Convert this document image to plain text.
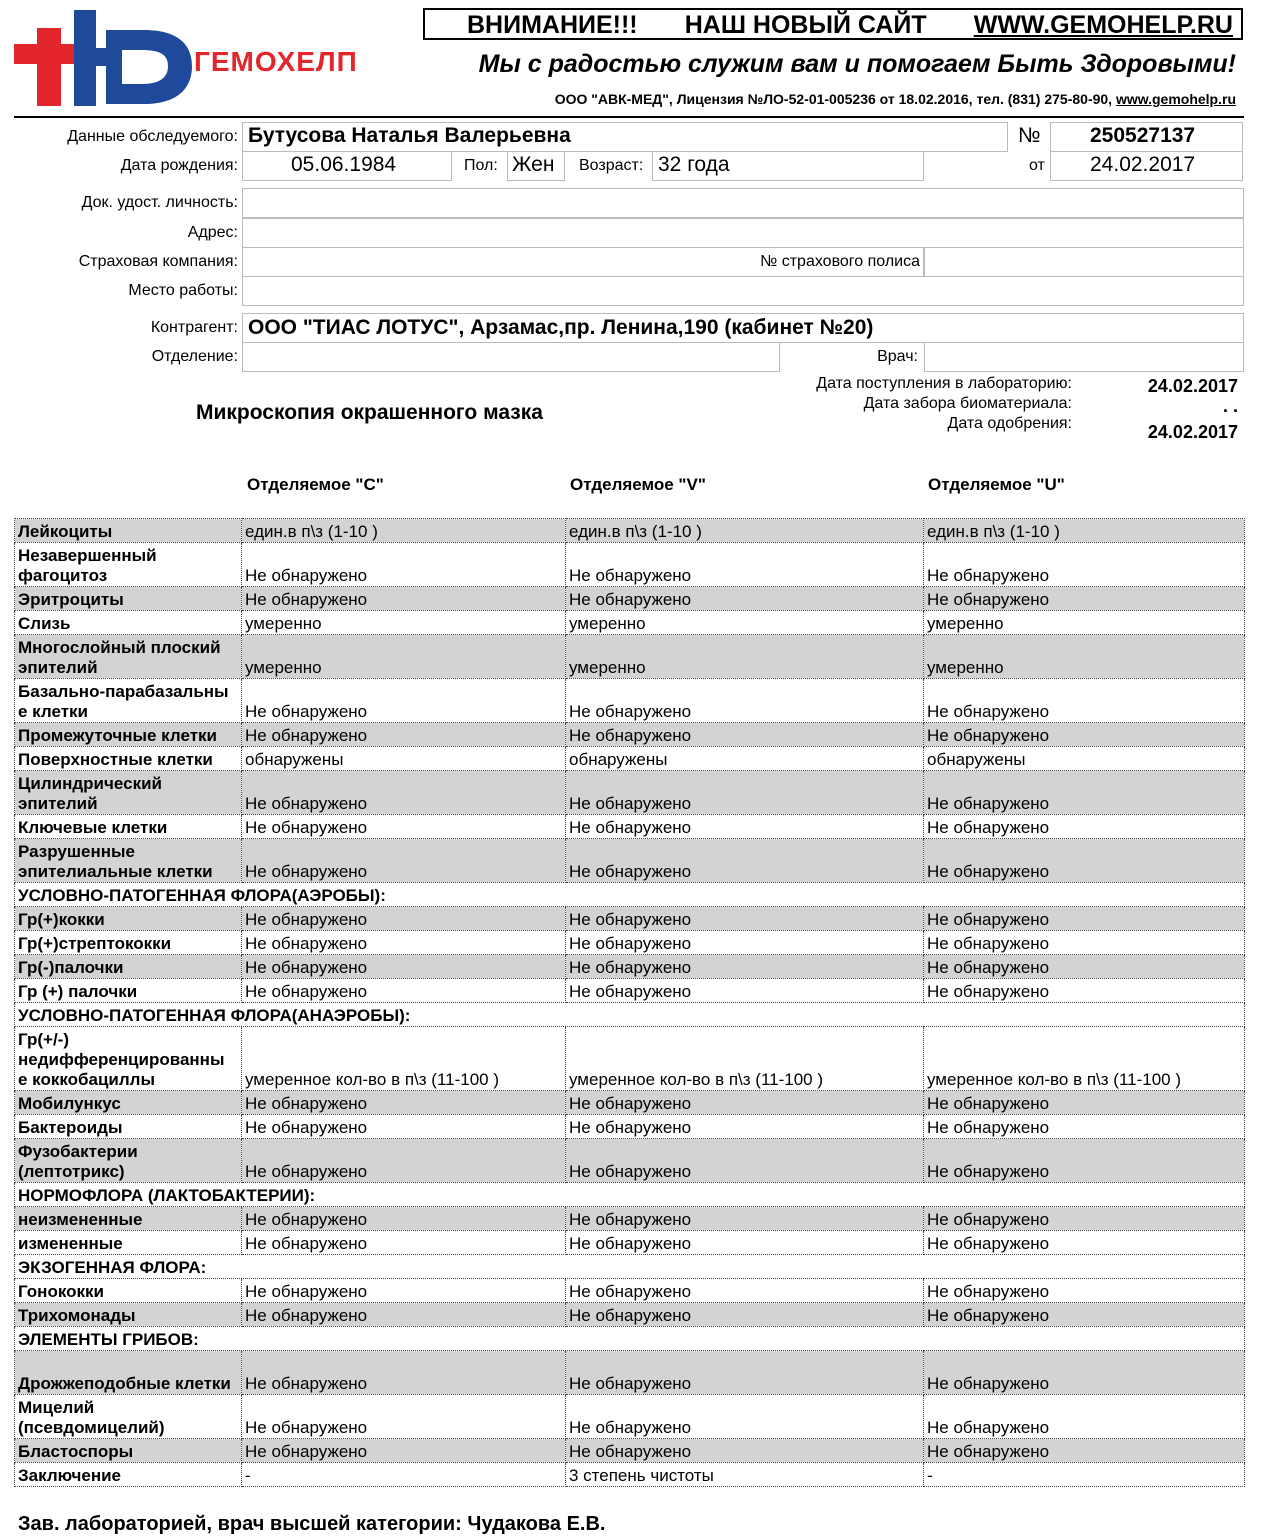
ГЕМОХЕЛП
ВНИМАНИЕ!!! НАШ НОВЫЙ САЙТ WWW.GEMOHELP.RU
Мы с радостью служим вам и помогаем Быть Здоровыми!
ООО "АВК-МЕД", Лицензия №ЛО-52-01-005236 от 18.02.2016, тел. (831) 275-80-90, www.gemohelp.ru
Данные обследуемого: Бутусова Наталья Валерьевна	№ 250527137
Дата рождения:	05.06.1984	Пол: Жен Возраст: 32 года	от 24.02.2017
Док. удост. личность:
Адрес:
Страховая компания:	№ страхового полиса
Место работы:
Контрагент: ООО "ТИАС ЛОТУС", Арзамас,пр. Ленина,190 (кабинет №20)
Отделение:	Врач:
Дата поступления в лабораторию:	24.02.2017
Дата забора биоматериала:	. .
Дата одобрения:	24.02.2017
Микроскопия окрашенного мазка
Отделяемое "C"	Отделяемое "V"	Отделяемое "U"
Лейкоциты	един.в п\з (1-10 )	един.в п\з (1-10 )	един.в п\з (1-10 )
Незавершенный фагоцитоз	Не обнаружено	Не обнаружено	Не обнаружено
Эритроциты	Не обнаружено	Не обнаружено	Не обнаружено
Слизь	умеренно	умеренно	умеренно
Многослойный плоский эпителий	умеренно	умеренно	умеренно
Базально-парабазальны е клетки	Не обнаружено	Не обнаружено	Не обнаружено
Промежуточные клетки	Не обнаружено	Не обнаружено	Не обнаружено
Поверхностные клетки	обнаружены	обнаружены	обнаружены
Цилиндрический эпителий	Не обнаружено	Не обнаружено	Не обнаружено
Ключевые клетки	Не обнаружено	Не обнаружено	Не обнаружено
Разрушенные эпителиальные клетки	Не обнаружено	Не обнаружено	Не обнаружено
УСЛОВНО-ПАТОГЕННАЯ ФЛОРА(АЭРОБЫ):			
Гр(+)кокки	Не обнаружено	Не обнаружено	Не обнаружено
Гр(+)стрептококки	Не обнаружено	Не обнаружено	Не обнаружено
Гр(-)палочки	Не обнаружено	Не обнаружено	Не обнаружено
Гр (+) палочки	Не обнаружено	Не обнаружено	Не обнаружено
УСЛОВНО-ПАТОГЕННАЯ ФЛОРА(АНАЭРОБЫ):			
Гр(+/-) недифференцированны е коккобациллы	умеренное кол-во в п\з (11-100 )	умеренное кол-во в п\з (11-100 )	умеренное кол-во в п\з (11-100 )
Мобилункус	Не обнаружено	Не обнаружено	Не обнаружено
Бактероиды	Не обнаружено	Не обнаружено	Не обнаружено
Фузобактерии (лептотрикс)	Не обнаружено	Не обнаружено	Не обнаружено
НОРМОФЛОРА (ЛАКТОБАКТЕРИИ):			
неизмененные	Не обнаружено	Не обнаружено	Не обнаружено
измененные	Не обнаружено	Не обнаружено	Не обнаружено
ЭКЗОГЕННАЯ ФЛОРА:			
Гонококки	Не обнаружено	Не обнаружено	Не обнаружено
Трихомонады	Не обнаружено	Не обнаружено	Не обнаружено
ЭЛЕМЕНТЫ ГРИБОВ:			
Дрожжеподобные клетки	Не обнаружено	Не обнаружено	Не обнаружено
Мицелий (псевдомицелий)	Не обнаружено	Не обнаружено	Не обнаружено
Бластоспоры	Не обнаружено	Не обнаружено	Не обнаружено
Заключение	-	3 степень чистоты	-
Зав. лабораторией, врач высшей категории: Чудакова Е.В.
